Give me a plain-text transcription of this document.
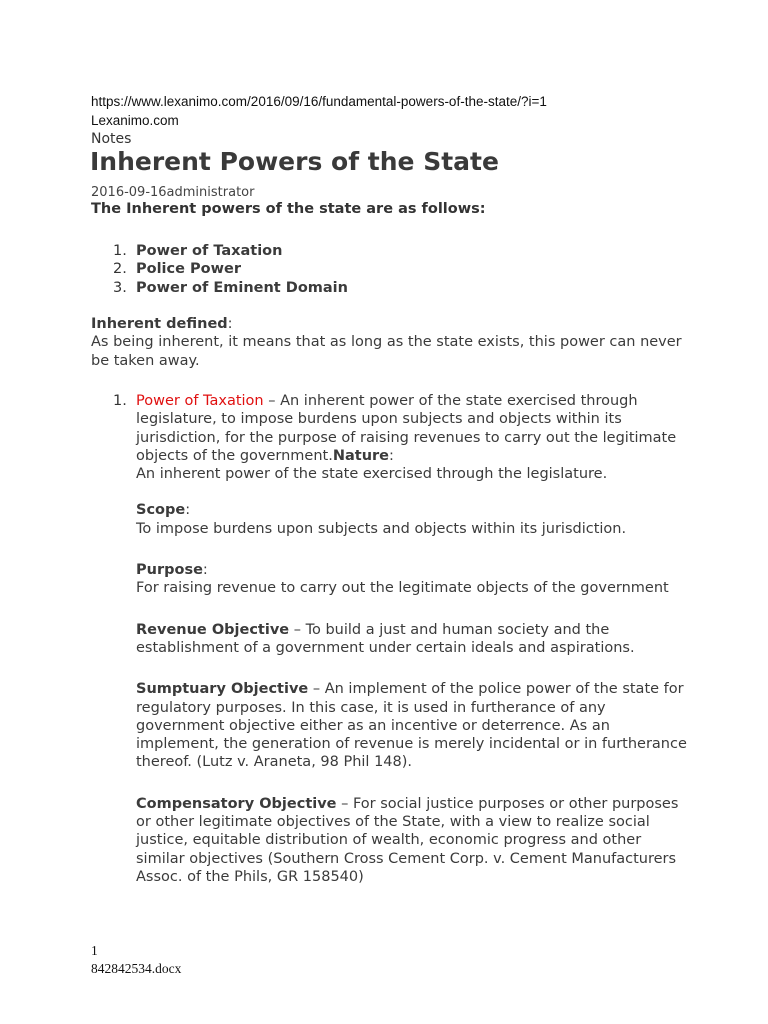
https://www.lexanimo.com/2016/09/16/fundamental-powers-of-the-state/?i=1
Lexanimo.com
Notes
Inherent Powers of the State
2016-09-16administrator
The Inherent powers of the state are as follows:
1. Power of Taxation
2. Police Power
3. Power of Eminent Domain
Inherent defined:
As being inherent, it means that as long as the state exists, this power can never be taken away.
1. Power of Taxation – An inherent power of the state exercised through legislature, to impose burdens upon subjects and objects within its jurisdiction, for the purpose of raising revenues to carry out the legitimate objects of the government.Nature:
An inherent power of the state exercised through the legislature.
Scope:
To impose burdens upon subjects and objects within its jurisdiction.
Purpose:
For raising revenue to carry out the legitimate objects of the government
Revenue Objective – To build a just and human society and the establishment of a government under certain ideals and aspirations.
Sumptuary Objective – An implement of the police power of the state for regulatory purposes. In this case, it is used in furtherance of any government objective either as an incentive or deterrence. As an implement, the generation of revenue is merely incidental or in furtherance thereof. (Lutz v. Araneta, 98 Phil 148).
Compensatory Objective – For social justice purposes or other purposes or other legitimate objectives of the State, with a view to realize social justice, equitable distribution of wealth, economic progress and other similar objectives (Southern Cross Cement Corp. v. Cement Manufacturers Assoc. of the Phils, GR 158540)
1
842842534.docx
